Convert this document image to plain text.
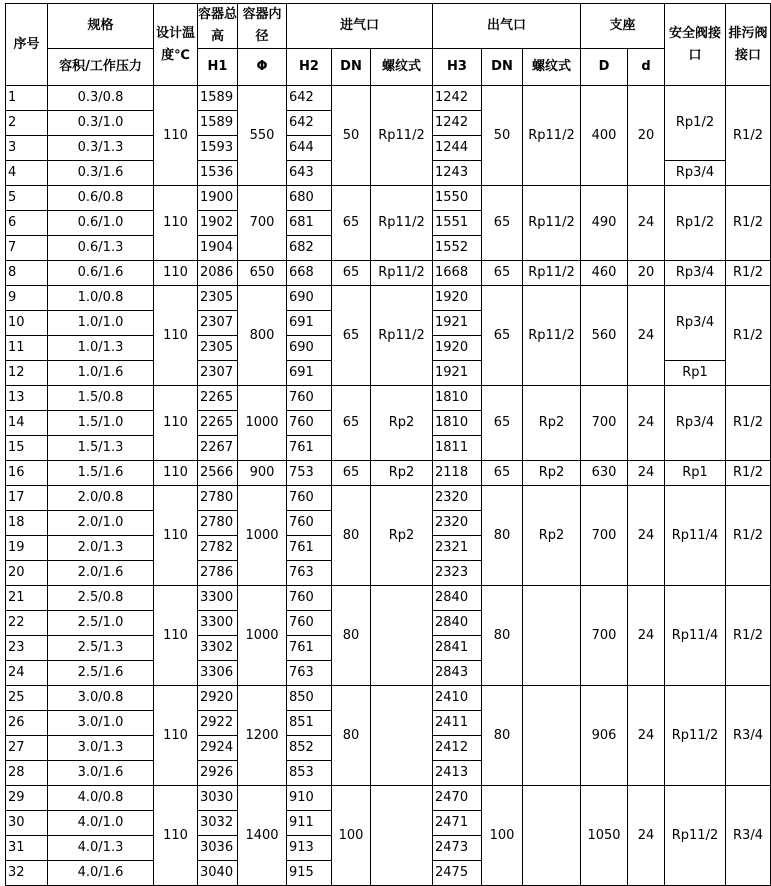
序号	规格	设计温度℃	容器总高	容器内径	进气口			出气口			支座		安全阀接口	排污阀接口
	容积/工作压力		H1	Φ	H2	DN	螺纹式	H3	DN	螺纹式	D	d		
1	0.3/0.8	110	1589	550	642	50	Rp11/2	1242	50	Rp11/2	400	20	Rp1/2	R1/2
2	0.3/1.0		1589		642			1242						
3	0.3/1.3		1593		644			1244						
4	0.3/1.6		1536		643			1243					Rp3/4	
5	0.6/0.8	110	1900	700	680	65	Rp11/2	1550	65	Rp11/2	490	24	Rp1/2	R1/2
6	0.6/1.0		1902		681			1551						
7	0.6/1.3		1904		682			1552						
8	0.6/1.6	110	2086	650	668	65	Rp11/2	1668	65	Rp11/2	460	20	Rp3/4	R1/2
9	1.0/0.8	110	2305	800	690	65	Rp11/2	1920	65	Rp11/2	560	24	Rp3/4	R1/2
10	1.0/1.0		2307		691			1921						
11	1.0/1.3		2305		690			1920						
12	1.0/1.6		2307		691			1921					Rp1	
13	1.5/0.8	110	2265	1000	760	65	Rp2	1810	65	Rp2	700	24	Rp3/4	R1/2
14	1.5/1.0		2265		760			1810						
15	1.5/1.3		2267		761			1811						
16	1.5/1.6	110	2566	900	753	65	Rp2	2118	65	Rp2	630	24	Rp1	R1/2
17	2.0/0.8	110	2780	1000	760	80	Rp2	2320	80	Rp2	700	24	Rp11/4	R1/2
18	2.0/1.0		2780		760			2320						
19	2.0/1.3		2782		761			2321						
20	2.0/1.6		2786		763			2323						
21	2.5/0.8	110	3300	1000	760	80		2840	80		700	24	Rp11/4	R1/2
22	2.5/1.0		3300		760			2840						
23	2.5/1.3		3302		761			2841						
24	2.5/1.6		3306		763			2843						
25	3.0/0.8	110	2920	1200	850	80		2410	80		906	24	Rp11/2	R3/4
26	3.0/1.0		2922		851			2411						
27	3.0/1.3		2924		852			2412						
28	3.0/1.6		2926		853			2413						
29	4.0/0.8	110	3030	1400	910	100		2470	100		1050	24	Rp11/2	R3/4
30	4.0/1.0		3032		911			2471						
31	4.0/1.3		3036		913			2473						
32	4.0/1.6		3040		915			2475						
